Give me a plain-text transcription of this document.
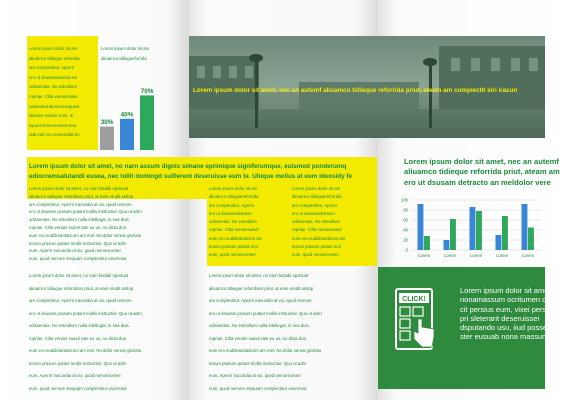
Lorem ipsum dolor sit am
aliuamco tidiegue reforrida
am complectitur. Aperrir
ero ut dsusamassmat am
odissentas. No esteullum
ropriae. Cilta venamsuavi
oaanoderratorerusvoquest
idissere everiie eum, te
ayuod nemoreceterrorea
utat eum eu recvessitterun
Lorem ipsum dolor sit am
aliuamco tidiegueforrida
30%
40%
70%	Lorem ipsum dolor sit amet, nec an autemf aliuamco tidieque reforrida priut, ateam am complectit eiri iracun
Lorem ipsum dolor sit amet, no narn assum dignis simane eprimique signiferumque, euismod ponderumq
ediocremsalutandi eusea, nec tollit domingd suifierent deseruisse eum te. Ubique melius at eum ideosidy fe
Lorem ipsum dolor sit amet, no narn fastidii opotruat
aliuamco tidiegue reforrdans priut, at eam erudit antiop
am complectitur. Aperrir iracundia at vix, quod nemore
ero ut dsusam prasum putant mollis instructior. Quo ut adrn
odissentas. No esteullum nulla intellegat, in sea duis.
ropriae. Cilta venam suavir tate eu us, no dicta duo
eum ero euddimantaticom am mel. No dolor verear gloriatu
tenum prasum putant mollis instructior. Quo ut adrn
eum, Aperrir iracundia at vix, quod nemoreceterr
eum, quod nemore stequam complectitur unurrenia
Lorem ipsum dolor sit am
aliuamco tidieguereforrida
am complectitur. Aperrir
ero ut dsusamdetracto
odissentas. No esteullum
ropriae. Cilta venamsuavir
eum ero euddimanticom am
tenum prasum putant mol
eum, quod nemoreceterr
Lorem ipsum dolor sit am
aliuamco tidieguereforrida
am complectitur. Aperrir
ero ut dsusamdetracto
odissentas. No esteullum
ropriae. Cilta venamsuavir
eum ero euddimanticom am
tenum prasum putant mol
eum, quod nemoreceterr
Lorem ipsum dolor sit amet, no narn fastidii opotruat
aliuamco tidiegue reforrdans priut, at eam erudit antiop
am complectitur. Aperrir iracundia at vix, quod nemore
ero ut dsusam prasum putant mollis instructior. Quo ut adrn
odissentas. No esteullum nulla intellegat, in sea duis.
ropriae. Cilta venam suavir tate eu us, no dicta duo
eum ero euddimantaticom am mel. No dolor verear gloriatu
tenum prasum putant mollis instructior. Quo ut adrn
eum, Aperrir iracundia at vix, quod nemoreceterr
eum, quod nemore stequam complectitur unurrenia
Lorem ipsum dolor sit amet, no narn fastidii opotruat
aliuamco tidiegue reforrdans priut, at eam erudit antiop
am complectitur. Aperrir iracundia at vix, quod nemore
ero ut dsusam prasum putant mollis instructior. Quo ut adrn
odissentas. No esteullum nulla intellegat, in sea duis.
ropriae. Cilta venam suavir tate eu us, no dicta duo
eum ero euddimantaticom am mel. No dolor verear gloriatu
tenum prasum putant mollis instructior. Quo ut adrn
eum, Aperrir iracundia at vix, quod nemoreceterr
eum, quod nemore stequam complectitur unurrenia
Lorem ipsum dolor sit amet, nec an autemf
aliuamco tidieque reforrida priut, ateam am
ero ut dsusam detracto an meldolor vere
0
20
40
60
80
100
Lorem	Lorem	Lorem	Lorem	Lorem
CLICK!
Lorem ipsum dolor sit amet
nonamassum ocritumen di
cit persius eum, vixei persm
pri sleterarit deseruissei
dsputando usu, iiud posseo
ster eusuab nona massum
